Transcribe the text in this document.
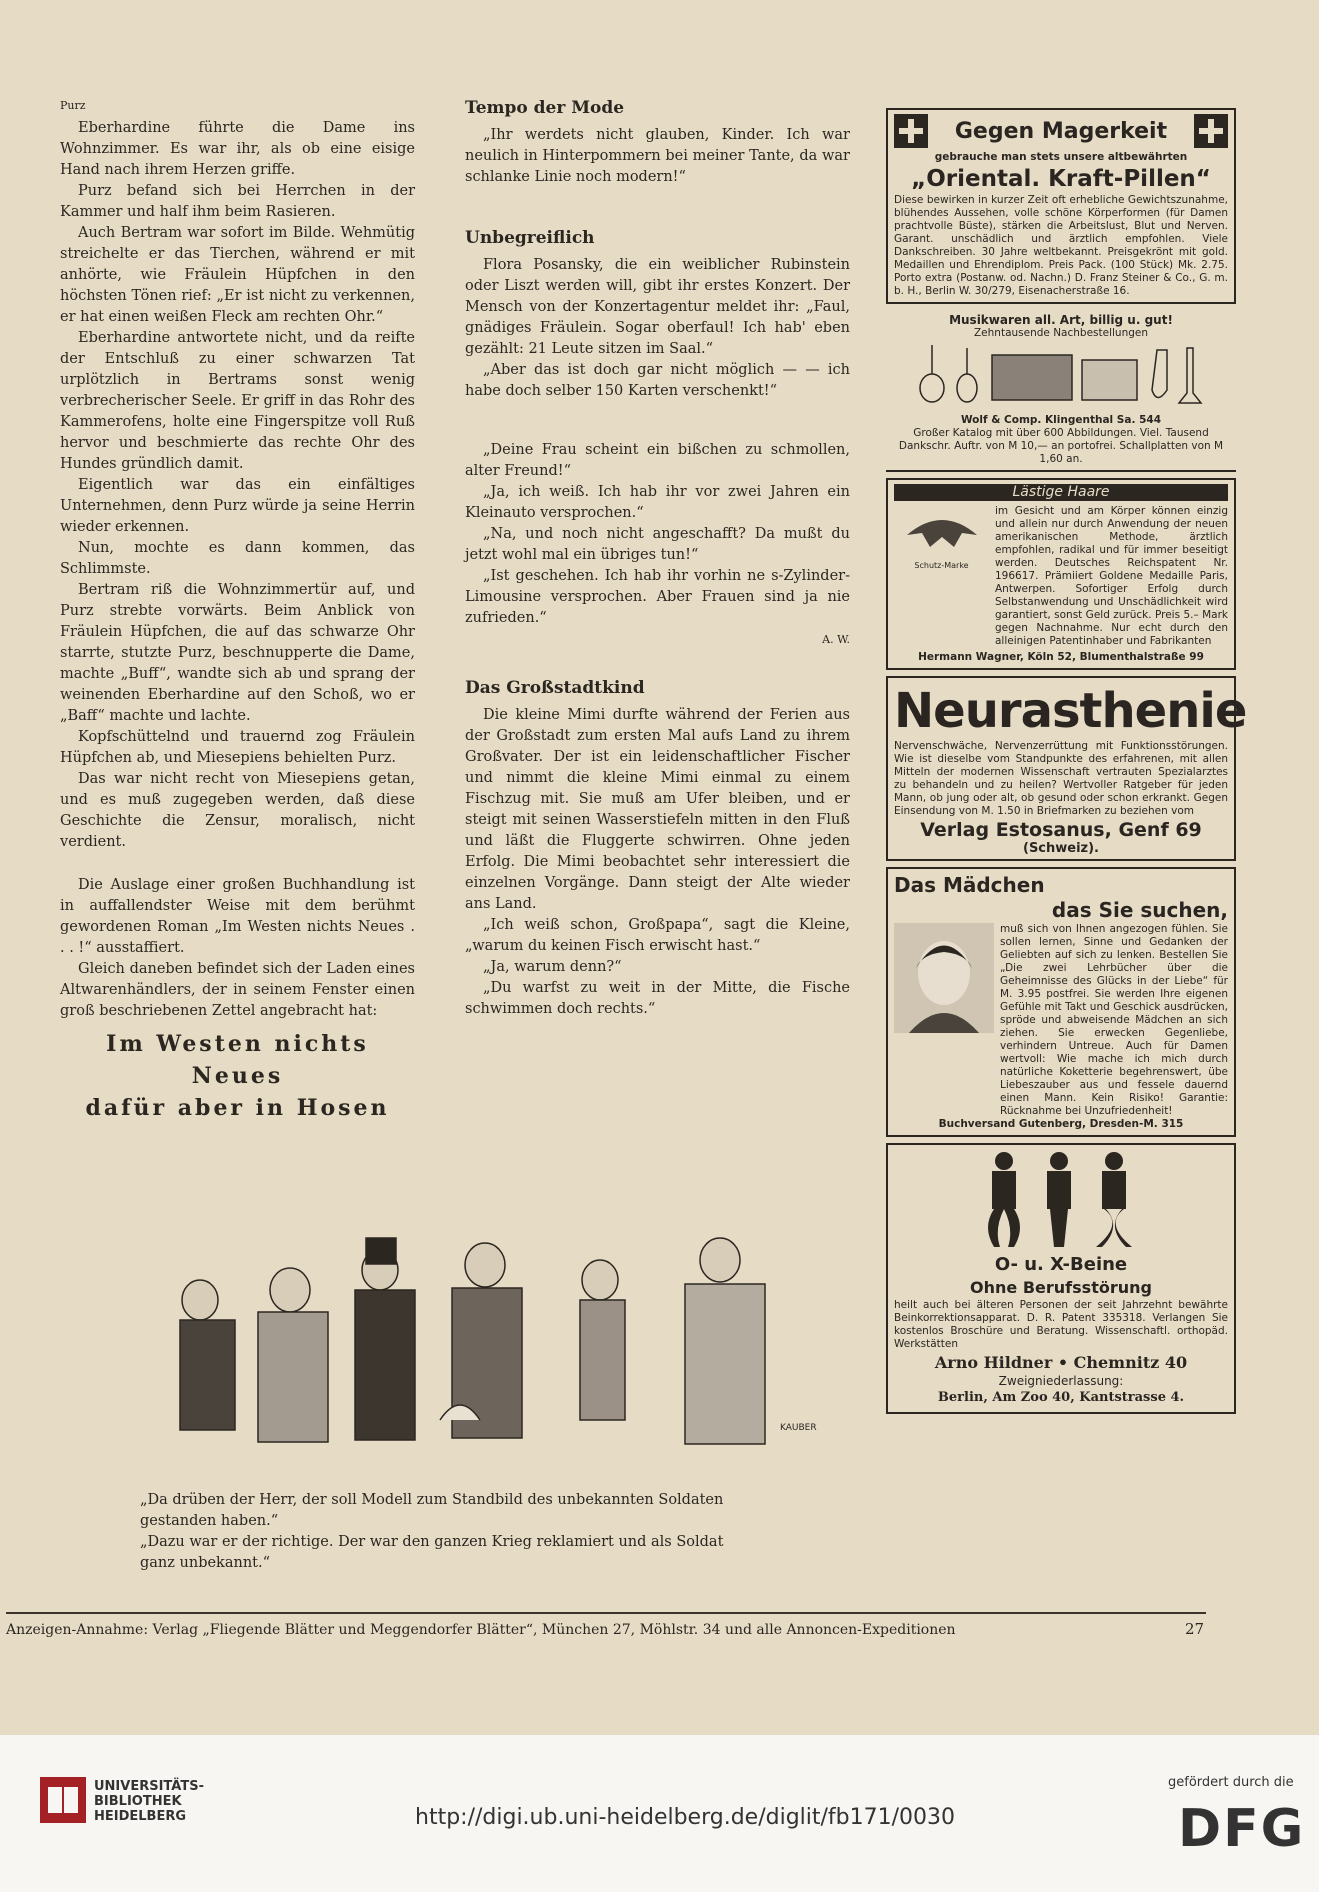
Purz

Eberhardine führte die Dame ins Wohnzimmer. Es war ihr, als ob eine eisige Hand nach ihrem Herzen griffe.

Purz befand sich bei Herrchen in der Kammer und half ihm beim Rasieren.

Auch Bertram war sofort im Bilde. Wehmütig streichelte er das Tierchen, während er mit anhörte, wie Fräulein Hüpfchen in den höchsten Tönen rief: „Er ist nicht zu verkennen, er hat einen weißen Fleck am rechten Ohr.“

Eberhardine antwortete nicht, und da reifte der Entschluß zu einer schwarzen Tat urplötzlich in Bertrams sonst wenig verbrecherischer Seele. Er griff in das Rohr des Kammerofens, holte eine Fingerspitze voll Ruß hervor und beschmierte das rechte Ohr des Hundes gründlich damit.

Eigentlich war das ein einfältiges Unternehmen, denn Purz würde ja seine Herrin wieder erkennen.

Nun, mochte es dann kommen, das Schlimmste.

Bertram riß die Wohnzimmertür auf, und Purz strebte vorwärts. Beim Anblick von Fräulein Hüpfchen, die auf das schwarze Ohr starrte, stutzte Purz, beschnupperte die Dame, machte „Buff“, wandte sich ab und sprang der weinenden Eberhardine auf den Schoß, wo er „Baff“ machte und lachte.

Kopfschüttelnd und trauernd zog Fräulein Hüpfchen ab, und Miesepiens behielten Purz.

Das war nicht recht von Miesepiens getan, und es muß zugegeben werden, daß diese Geschichte die Zensur, moralisch, nicht verdient.

Die Auslage einer großen Buchhandlung ist in auffallendster Weise mit dem berühmt gewordenen Roman „Im Westen nichts Neues . . . !“ ausstaffiert.

Gleich daneben befindet sich der Laden eines Altwarenhändlers, der in seinem Fenster einen groß beschriebenen Zettel angebracht hat:

Im Westen nichts Neues
dafür aber in Hosen
Tempo der Mode

„Ihr werdets nicht glauben, Kinder. Ich war neulich in Hinterpommern bei meiner Tante, da war schlanke Linie noch modern!“

Unbegreiflich

Flora Posansky, die ein weiblicher Rubinstein oder Liszt werden will, gibt ihr erstes Konzert. Der Mensch von der Konzertagentur meldet ihr: „Faul, gnädiges Fräulein. Sogar oberfaul! Ich hab' eben gezählt: 21 Leute sitzen im Saal.“

„Aber das ist doch gar nicht möglich — — ich habe doch selber 150 Karten verschenkt!“

„Deine Frau scheint ein bißchen zu schmollen, alter Freund!“

„Ja, ich weiß. Ich hab ihr vor zwei Jahren ein Kleinauto versprochen.“

„Na, und noch nicht angeschafft? Da mußt du jetzt wohl mal ein übriges tun!“

„Ist geschehen. Ich hab ihr vorhin ne s-Zylinder-Limousine versprochen. Aber Frauen sind ja nie zufrieden.“

A. W.
Das Großstadtkind

Die kleine Mimi durfte während der Ferien aus der Großstadt zum ersten Mal aufs Land zu ihrem Großvater. Der ist ein leidenschaftlicher Fischer und nimmt die kleine Mimi einmal zu einem Fischzug mit. Sie muß am Ufer bleiben, und er steigt mit seinen Wasserstiefeln mitten in den Fluß und läßt die Fluggerte schwirren. Ohne jeden Erfolg. Die Mimi beobachtet sehr interessiert die einzelnen Vorgänge. Dann steigt der Alte wieder ans Land.

„Ich weiß schon, Großpapa“, sagt die Kleine, „warum du keinen Fisch erwischt hast.“

„Ja, warum denn?“

„Du warfst zu weit in der Mitte, die Fische schwimmen doch rechts.“

KAUBER

„Da drüben der Herr, der soll Modell zum Standbild des unbekannten Soldaten gestanden haben.“

„Dazu war er der richtige. Der war den ganzen Krieg reklamiert und als Soldat ganz unbekannt.“

Gegen Magerkeit
gebrauche man stets unsere altbewährten
„Oriental. Kraft-Pillen“
Diese bewirken in kurzer Zeit oft erhebliche Gewichtszunahme, blühendes Aussehen, volle schöne Körperformen (für Damen prachtvolle Büste), stärken die Arbeitslust, Blut und Nerven. Garant. unschädlich und ärztlich empfohlen. Viele Dankschreiben. 30 Jahre weltbekannt. Preisgekrönt mit gold. Medaillen und Ehrendiplom. Preis Pack. (100 Stück) Mk. 2.75. Porto extra (Postanw. od. Nachn.) D. Franz Steiner & Co., G. m. b. H., Berlin W. 30/279, Eisenacherstraße 16.
Musikwaren all. Art, billig u. gut!
Zehntausende Nachbestellungen
Wolf & Comp. Klingenthal Sa. 544
Großer Katalog mit über 600 Abbildungen. Viel. Tausend Dankschr. Auftr. von M 10,— an portofrei. Schallplatten von M 1,60 an.
Lästige Haare
Schutz-Marke
im Gesicht und am Körper können einzig und allein nur durch Anwendung der neuen amerikanischen Methode, ärztlich empfohlen, radikal und für immer beseitigt werden. Deutsches Reichspatent Nr. 196617. Prämiiert Goldene Medaille Paris, Antwerpen. Sofortiger Erfolg durch Selbstanwendung und Unschädlichkeit wird garantiert, sonst Geld zurück. Preis 5.– Mark gegen Nachnahme. Nur echt durch den alleinigen Patentinhaber und Fabrikanten
Hermann Wagner, Köln 52, Blumenthalstraße 99
Neurasthenie
Nervenschwäche, Nervenzerrüttung mit Funktionsstörungen. Wie ist dieselbe vom Standpunkte des erfahrenen, mit allen Mitteln der modernen Wissenschaft vertrauten Spezialarztes zu behandeln und zu heilen? Wertvoller Ratgeber für jeden Mann, ob jung oder alt, ob gesund oder schon erkrankt. Gegen Einsendung von M. 1.50 in Briefmarken zu beziehen vom
Verlag Estosanus, Genf 69
(Schweiz).
Das Mädchen
das Sie suchen,
muß sich von Ihnen angezogen fühlen. Sie sollen lernen, Sinne und Gedanken der Geliebten auf sich zu lenken. Bestellen Sie „Die zwei Lehrbücher über die Geheimnisse des Glücks in der Liebe“ für M. 3.95 postfrei. Sie werden Ihre eigenen Gefühle mit Takt und Geschick ausdrücken, spröde und abweisende Mädchen an sich ziehen. Sie erwecken Gegenliebe, verhindern Untreue. Auch für Damen wertvoll: Wie mache ich mich durch natürliche Koketterie begehrenswert, übe Liebeszauber aus und fessele dauernd einen Mann. Kein Risiko! Garantie: Rücknahme bei Unzufriedenheit!
Buchversand Gutenberg, Dresden-M. 315
O- u. X-Beine
Ohne Berufsstörung
heilt auch bei älteren Personen der seit Jahrzehnt bewährte Beinkorrektionsapparat. D. R. Patent 335318. Verlangen Sie kostenlos Broschüre und Beratung. Wissenschaftl. orthopäd. Werkstätten
Arno Hildner • Chemnitz 40
Zweigniederlassung:
Berlin, Am Zoo 40, Kantstrasse 4.
Anzeigen-Annahme: Verlag „Fliegende Blätter und Meggendorfer Blätter“, München 27, Möhlstr. 34 und alle Annoncen-Expeditionen	27
UNIVERSITÄTS-
BIBLIOTHEK
HEIDELBERG	http://digi.ub.uni-heidelberg.de/diglit/fb171/0030
gefördert durch die
DFG
